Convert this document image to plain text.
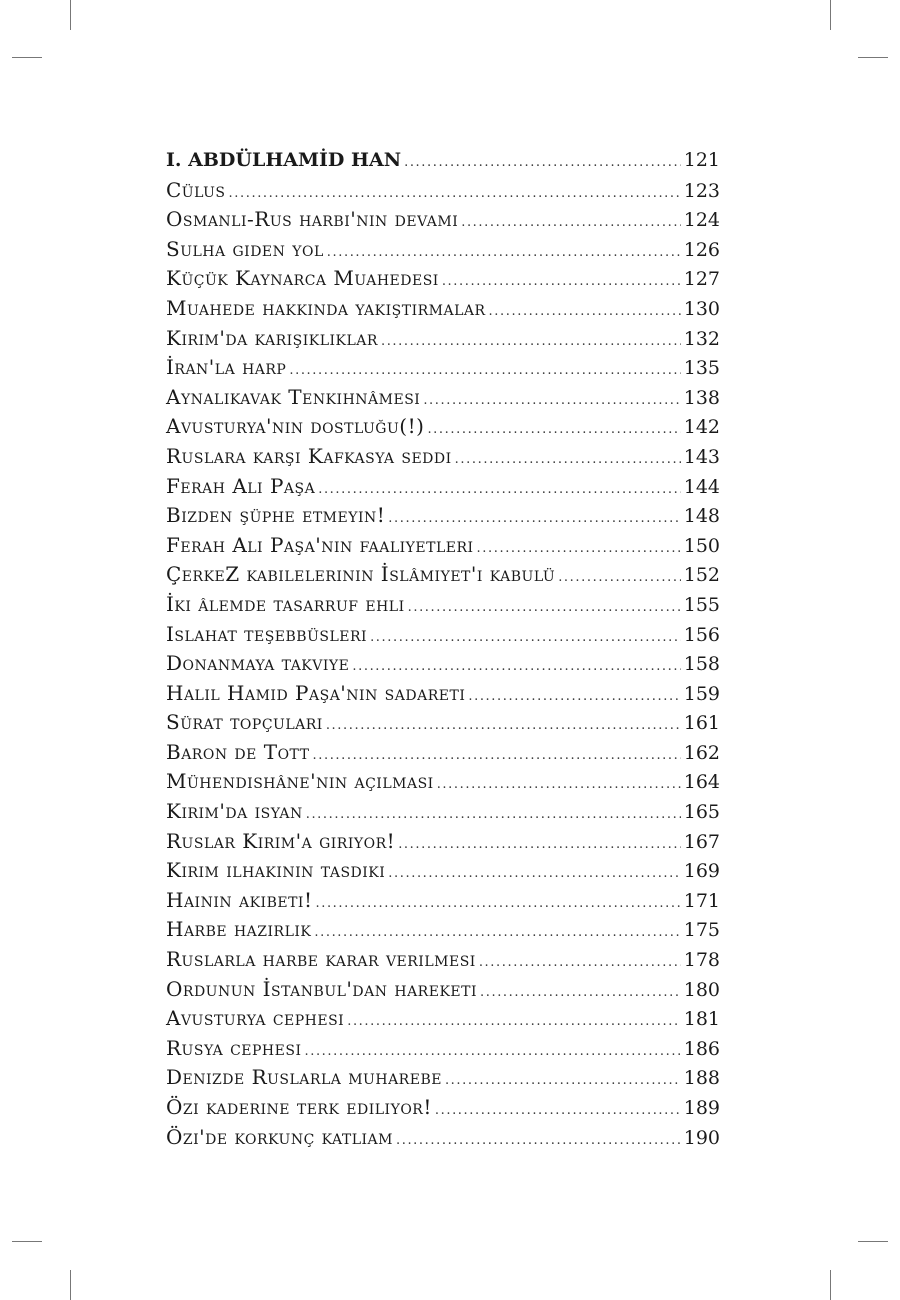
I. ABDÜLHAMİD HAN .....	121
Cülus .....	123
Osmanlı-Rus harbi'nin devamı .....	124
Sulha giden yol .....	126
Küçük Kaynarca Muahedesi .....	127
Muahede hakkında yakıştırmalar .....	130
Kırım'da karışıklıklar .....	132
İran'la harp .....	135
Aynalıkavak Tenkihnâmesi .....	138
Avusturya'nın dostluğu(!) .....	142
Ruslara karşı Kafkasya seddi .....	143
Ferah Ali Paşa .....	144
Bizden şüphe etmeyin! .....	148
Ferah Ali Paşa'nın faaliyetleri .....	150
ÇerkeZ kabilelerinin İslâmiyet'i kabulü .....	152
İki âlemde tasarruf ehli .....	155
Islahat teşebbüsleri .....	156
Donanmaya takviye .....	158
Halil Hamid Paşa'nın sadareti .....	159
Sürat topçuları .....	161
Baron de Tott .....	162
Mühendishâne'nin açılması .....	164
Kırım'da isyan .....	165
Ruslar Kırım'a giriyor! .....	167
Kırım ilhakının tasdiki .....	169
Hainin akıbeti! .....	171
Harbe hazırlık .....	175
Ruslarla harbe karar verilmesi .....	178
Ordunun İstanbul'dan hareketi .....	180
Avusturya cephesi .....	181
Rusya cephesi .....	186
Denizde Ruslarla muharebe .....	188
Özi kaderine terk ediliyor! .....	189
Özi'de korkunç katliam .....	190
